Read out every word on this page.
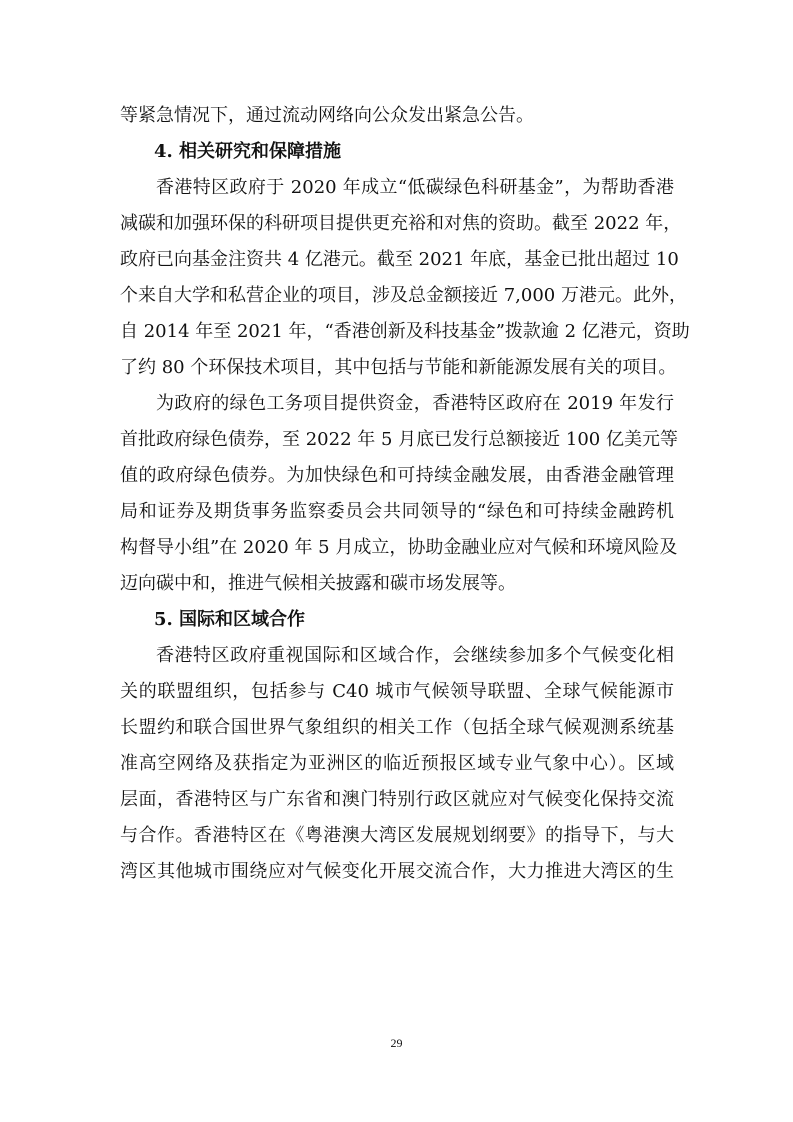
等紧急情况下，通过流动网络向公众发出紧急公告。
4. 相关研究和保障措施
香港特区政府于 2020 年成立“低碳绿色科研基金”，为帮助香港
减碳和加强环保的科研项目提供更充裕和对焦的资助。截至 2022 年，
政府已向基金注资共 4 亿港元。截至 2021 年底，基金已批出超过 10
个来自大学和私营企业的项目，涉及总金额接近 7,000 万港元。此外，
自 2014 年至 2021 年，“香港创新及科技基金”拨款逾 2 亿港元，资助
了约 80 个环保技术项目，其中包括与节能和新能源发展有关的项目。
为政府的绿色工务项目提供资金，香港特区政府在 2019 年发行
首批政府绿色债券，至 2022 年 5 月底已发行总额接近 100 亿美元等
值的政府绿色债券。为加快绿色和可持续金融发展，由香港金融管理
局和证券及期货事务监察委员会共同领导的“绿色和可持续金融跨机
构督导小组”在 2020 年 5 月成立，协助金融业应对气候和环境风险及
迈向碳中和，推进气候相关披露和碳市场发展等。
5. 国际和区域合作
香港特区政府重视国际和区域合作，会继续参加多个气候变化相
关的联盟组织，包括参与 C40 城市气候领导联盟、全球气候能源市
长盟约和联合国世界气象组织的相关工作（包括全球气候观测系统基
准高空网络及获指定为亚洲区的临近预报区域专业气象中心）。区域
层面，香港特区与广东省和澳门特别行政区就应对气候变化保持交流
与合作。香港特区在《粤港澳大湾区发展规划纲要》的指导下，与大
湾区其他城市围绕应对气候变化开展交流合作，大力推进大湾区的生
29
